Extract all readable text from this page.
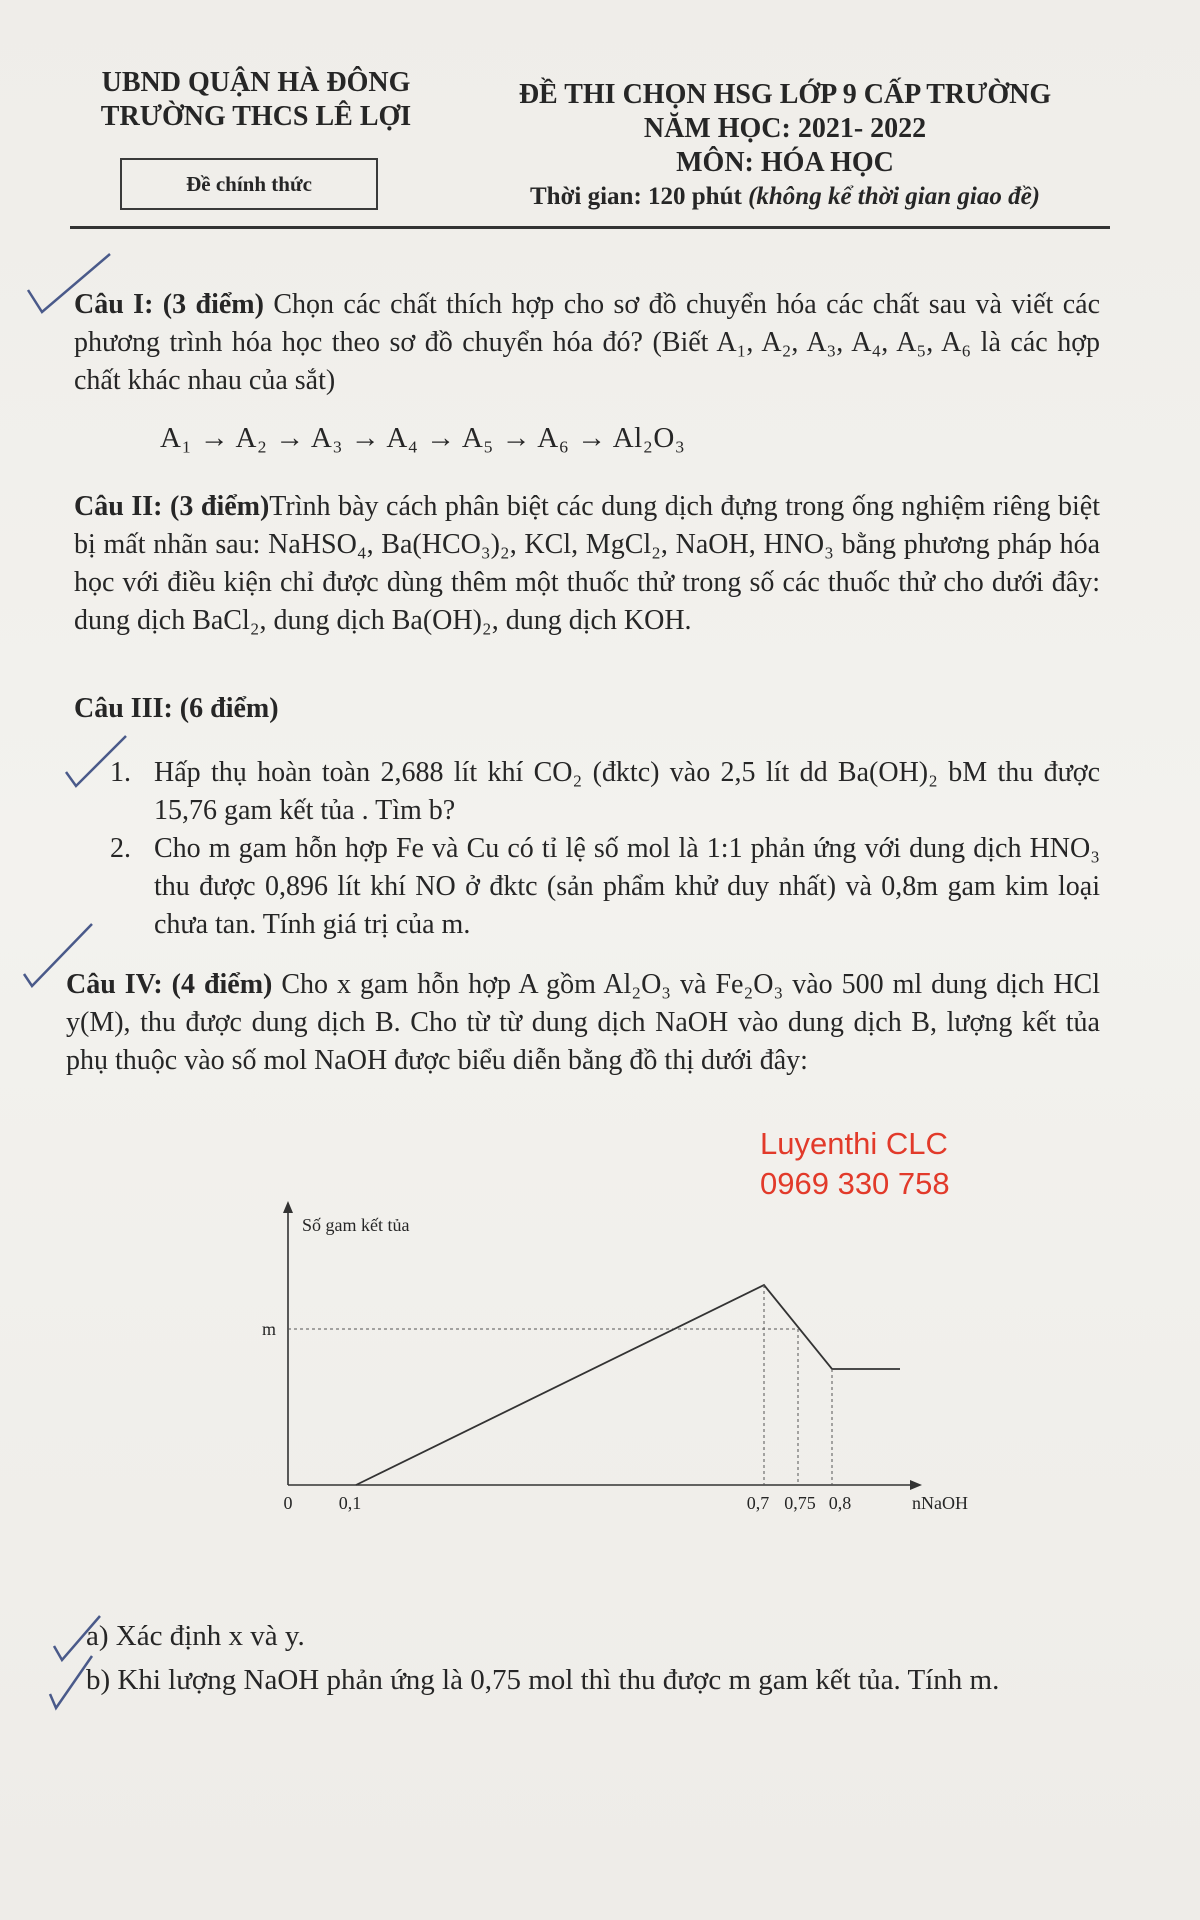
UBND QUẬN HÀ ĐÔNG
TRƯỜNG THCS LÊ LỢI
Đề chính thức
ĐỀ THI CHỌN HSG LỚP 9 CẤP TRƯỜNG
NĂM HỌC: 2021- 2022
MÔN: HÓA HỌC
Thời gian: 120 phút (không kể thời gian giao đề)
Câu I: (3 điểm) Chọn các chất thích hợp cho sơ đồ chuyển hóa các chất sau và viết các phương trình hóa học theo sơ đồ chuyển hóa đó? (Biết A₁, A₂, A₃, A₄, A₅, A₆ là các hợp chất khác nhau của sắt)
A₁ → A₂ → A₃ → A₄ → A₅ → A₆ → Al₂O₃
Câu II: (3 điểm)Trình bày cách phân biệt các dung dịch đựng trong ống nghiệm riêng biệt bị mất nhãn sau: NaHSO₄, Ba(HCO₃)₂, KCl, MgCl₂, NaOH, HNO₃ bằng phương pháp hóa học với điều kiện chỉ được dùng thêm một thuốc thử trong số các thuốc thử cho dưới đây: dung dịch BaCl₂, dung dịch Ba(OH)₂, dung dịch KOH.
Câu III: (6 điểm)
1. Hấp thụ hoàn toàn 2,688 lít khí CO₂ (đktc) vào 2,5 lít dd Ba(OH)₂ bM thu được 15,76 gam kết tủa . Tìm b?
2. Cho m gam hỗn hợp Fe và Cu có tỉ lệ số mol là 1:1 phản ứng với dung dịch HNO₃ thu được 0,896 lít khí NO ở đktc (sản phẩm khử duy nhất) và 0,8m gam kim loại chưa tan. Tính giá trị của m.
Câu IV: (4 điểm) Cho x gam hỗn hợp A gồm Al₂O₃ và Fe₂O₃ vào 500 ml dung dịch HCl y(M), thu được dung dịch B. Cho từ từ dung dịch NaOH vào dung dịch B, lượng kết tủa phụ thuộc vào số mol NaOH được biểu diễn bằng đồ thị dưới đây:
Luyenthi CLC
0969 330 758
Số gam kết tủa
nNaOH
0
m
0,1	0,7 0,75 0,8
a) Xác định x và y.
b) Khi lượng NaOH phản ứng là 0,75 mol thì thu được m gam kết tủa. Tính m.
